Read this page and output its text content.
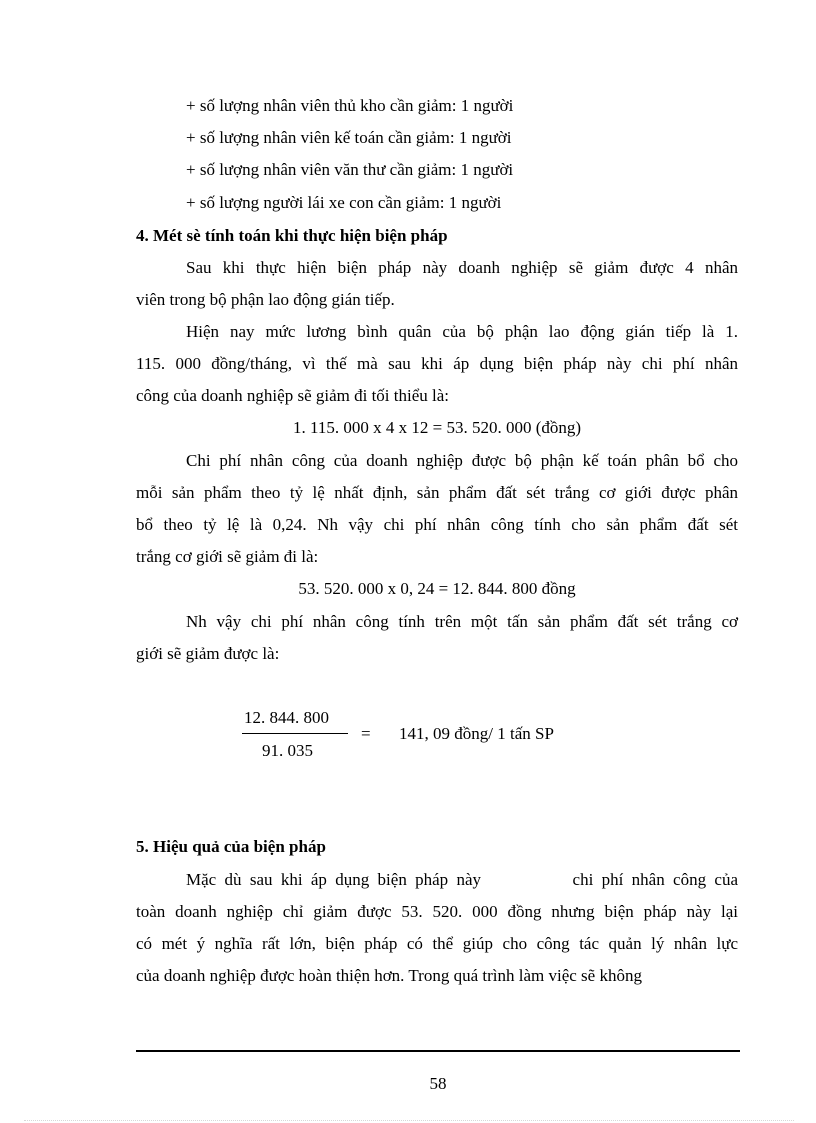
+ số lượng nhân viên thủ kho cần giảm: 1 người
+ số lượng nhân viên kế toán cần giảm: 1 người
+ số lượng nhân viên văn thư cần giảm: 1 người
+ số lượng người lái xe con cần giảm: 1 người
4. Mét sè tính toán khi thực hiện biện pháp
Sau khi thực hiện biện pháp này doanh nghiệp sẽ giảm được 4 nhân
viên trong bộ phận lao động gián tiếp.
Hiện nay mức lương bình quân của bộ phận lao động gián tiếp là 1.
115. 000 đồng/tháng, vì thế mà sau khi áp dụng biện pháp này chi phí nhân
công của doanh nghiệp sẽ giảm đi tối thiểu là:
1. 115. 000 x 4 x 12 = 53. 520. 000 (đồng)
Chi phí nhân công của doanh nghiệp được bộ phận kế toán phân bổ cho
mỗi sản phẩm theo tỷ lệ nhất định, sản phẩm đất sét trắng cơ giới được phân
bổ theo tỷ lệ là 0,24. Nh vậy chi phí nhân công tính cho sản phẩm đất sét
trắng cơ giới sẽ giảm đi là:
53. 520. 000 x 0, 24 = 12. 844. 800 đồng
Nh vậy chi phí nhân công tính trên một tấn sản phẩm đất sét trắng cơ
giới sẽ giảm được là:
12. 844. 800
91. 035
= 141, 09 đồng/ 1 tấn SP
5. Hiệu quả của biện pháp
Mặc dù sau khi áp dụng biện pháp này           chi phí nhân công của
toàn doanh nghiệp chỉ giảm được 53. 520. 000 đồng nhưng biện pháp này lại
có mét ý nghĩa rất lớn, biện pháp có thể giúp cho công tác quản lý nhân lực
của doanh nghiệp được hoàn thiện hơn. Trong quá trình làm việc sẽ không
58
